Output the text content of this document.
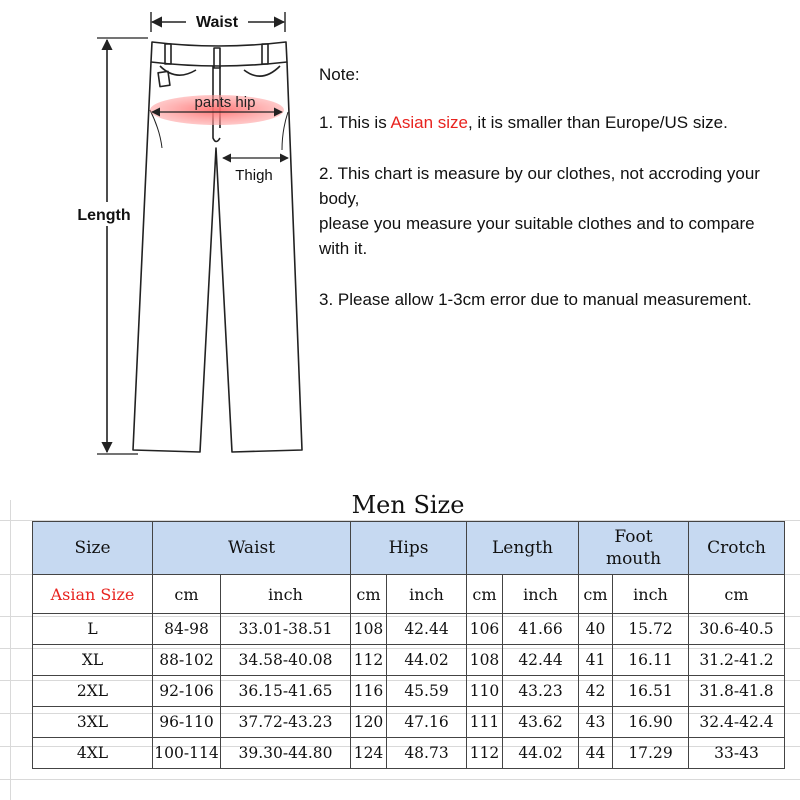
Waist
Length
pants hip
Thigh

Note:

1. This is Asian size, it is smaller than Europe/US size.

2. This chart is measure by our clothes, not accroding your body,
please you measure your suitable clothes and to compare with it.

3. Please allow 1-3cm error due to manual measurement.

Men Size
Size	Waist		Hips		Length		Foot mouth		Crotch
Asian Size	cm	inch	cm	inch	cm	inch	cm	inch	cm
L	84-98	33.01-38.51	108	42.44	106	41.66	40	15.72	30.6-40.5
XL	88-102	34.58-40.08	112	44.02	108	42.44	41	16.11	31.2-41.2
2XL	92-106	36.15-41.65	116	45.59	110	43.23	42	16.51	31.8-41.8
3XL	96-110	37.72-43.23	120	47.16	111	43.62	43	16.90	32.4-42.4
4XL	100-114	39.30-44.80	124	48.73	112	44.02	44	17.29	33-43
